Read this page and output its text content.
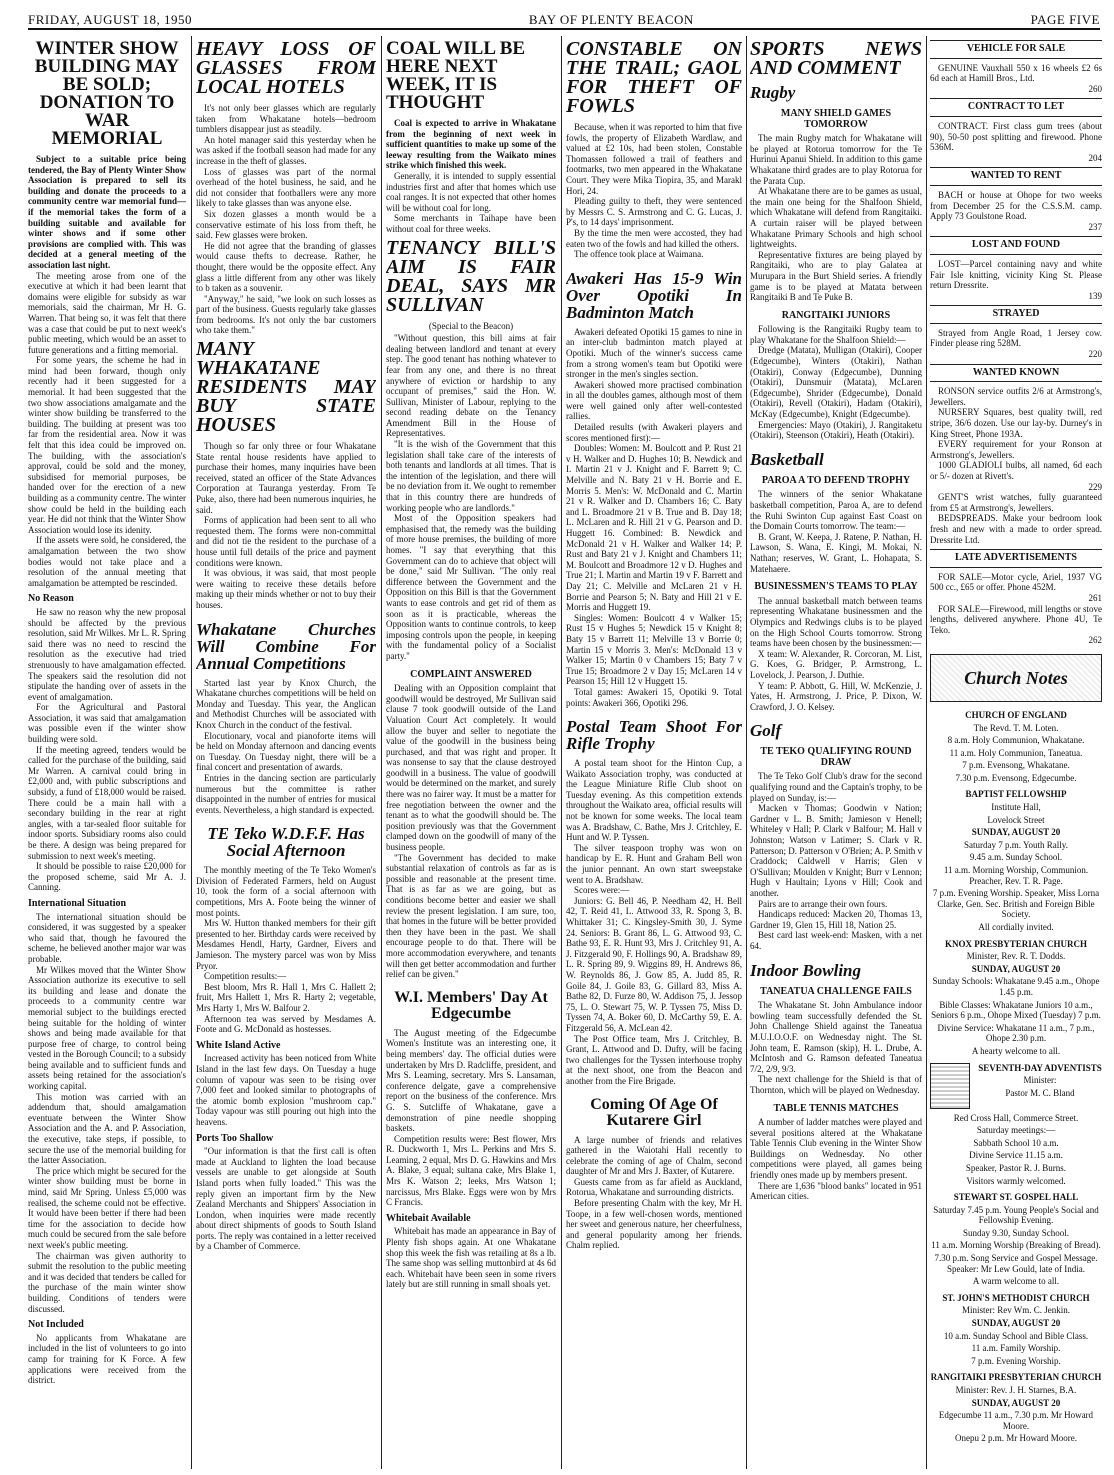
FRIDAY, AUGUST 18, 1950	BAY OF PLENTY BEACON	PAGE FIVE
WINTER SHOW BUILDING MAY BE SOLD; DONATION TO WAR MEMORIAL

Subject to a suitable price being tendered, the Bay of Plenty Winter Show Association is prepared to sell its building and donate the proceeds to a community centre war memorial fund—if the memorial takes the form of a building suitable and available for winter shows and if some other provisions are complied with. This was decided at a general meeting of the association last night.

The meeting arose from one of the executive at which it had been learnt that domains were eligible for subsidy as war memorials, said the chairman, Mr H. G. Warren. That being so, it was felt that there was a case that could be put to next week's public meeting, which would be an asset to future generations and a fitting memorial.

For some years, the scheme he had in mind had been forward, though only recently had it been suggested for a memorial. It had been suggested that the two show associations amalgamate and the winter show building be transferred to the building. The building at present was too far from the residential area. Now it was felt that this idea could be improved on. The building, with the association's approval, could be sold and the money, subsidised for memorial purposes, be handed over for the erection of a new building as a community centre. The winter show could be held in the building each year. He did not think that the Winter Show Association would lose its idenity.

If the assets were sold, he considered, the amalgamation between the two show bodies would not take place and a resolution of the annual meeting that amalgamation be attempted be rescinded.

No Reason

He saw no reason why the new proposal should be affected by the previous resolution, said Mr Wilkes. Mr L. R. Spring said there was no need to rescind the resolution as the executive had tried strenuously to have amalgamation effected. The speakers said the resolution did not stipulate the handing over of assets in the event of amalgamation.

For the Agricultural and Pastoral Association, it was said that amalgamation was possible even if the winter show building were sold.

If the meeting agreed, tenders would be called for the purchase of the building, said Mr Warren. A carnival could bring in £2,000 and, with public subscriptions and subsidy, a fund of £18,000 would be raised. There could be a main hall with a secondary building in the rear at right angles, with a tar-sealed floor suitable for indoor sports. Subsidiary rooms also could be there. A design was being prepared for submission to next week's meeting.

It should be possible to raise £20,000 for the proposed scheme, said Mr A. J. Canning.

International Situation

The international situation should be considered, it was suggested by a speaker who said that, though he favoured the scheme, he believed another major war was probable.

Mr Wilkes moved that the Winter Show Association authorize its executive to sell its building and lease and donate the proceeds to a community centre war memorial subject to the buildings erected being suitable for the holding of winter shows and being made available for that purpose free of charge, to control being vested in the Borough Council; to a subsidy being available and to sufficient funds and assets being retained for the association's working capital.

This motion was carried with an addendum that, should amalgamation eventuate between the Winter Show Association and the A. and P. Association, the executive, take steps, if possible, to secure the use of the memorial building for the latter Association.

The price which might be secured for the winter show building must be borne in mind, said Mr Spring. Unless £5,000 was realised, the scheme could not be effective. It would have been better if there had been time for the association to decide how much could be secured from the sale before next week's public meeting.

The chairman was given authority to submit the resolution to the public meeting and it was decided that tenders be called for the purchase of the main winter show building. Conditions of tenders were discussed.

Not Included

No applicants from Whakatane are included in the list of volunteers to go into camp for training for K Force. A few applications were received from the district.

HEAVY LOSS OF GLASSES FROM LOCAL HOTELS

It's not only beer glasses which are regularly taken from Whakatane hotels—bedroom tumblers disappear just as steadily.

An hotel manager said this yesterday when he was asked if the football season had made for any increase in the theft of glasses.

Loss of glasses was part of the normal overhead of the hotel business, he said, and he did not consider that footballers were any more likely to take glasses than was anyone else.

Six dozen glasses a month would be a conservative estimate of his loss from theft, he said. Few glasses were broken.

He did not agree that the branding of glasses would cause thefts to decrease. Rather, he thought, there would be the opposite effect. Any glass a little different from any other was likely to b taken as a souvenir.

"Anyway," he said, "we look on such losses as part of the business. Guests regularly take glasses from bedrooms. It's not only the bar customers who take them."

MANY WHAKATANE RESIDENTS MAY BUY STATE HOUSES

Though so far only three or four Whakatane State rental house residents have applied to purchase their homes, many inquiries have been received, stated an officer of the State Advances Corporation at Tauranga yesterday. From Te Puke, also, there had been numerous inquiries, he said.

Forms of application had been sent to all who requested them. The forms were non-committal and did not tie the resident to the purchase of a house until full details of the price and payment conditions were known.

It was obvious, it was said, that most people were waiting to receive these details before making up their minds whether or not to buy their houses.

Whakatane Churches Will Combine For Annual Competitions

Started last year by Knox Church, the Whakatane churches competitions will be held on Monday and Tuesday. This year, the Anglican and Methodist Churches will be associated with Knox Church in the conduct of the festival.

Elocutionary, vocal and pianoforte items will be held on Monday afternoon and dancing events on Tuesday. On Tuesday night, there will be a final concert and presentation of awards.

Entries in the dancing section are particularly numerous but the committee is rather disappointed in the number of entries for musical events. Nevertheless, a high standard is expected.

TE Teko W.D.F.F. Has Social Afternoon

The monthly meeting of the Te Teko Women's Division of Federated Farmers, held on August 10, took the form of a social afternoon with competitions, Mrs A. Foote being the winner of most points.

Mrs W. Hutton thanked members for their gift presented to her. Birthday cards were received by Mesdames Hendl, Harty, Gardner, Eivers and Jamieson. The mystery parcel was won by Miss Pryor.

Competition results:—

Best bloom, Mrs R. Hall 1, Mrs C. Hallett 2; fruit, Mrs Hallett 1, Mrs R. Harty 2; vegetable, Mrs Harty 1, Mrs W. Balfour 2.

Afternoon tea was served by Mesdames A. Foote and G. McDonald as hostesses.

White Island Active

Increased activity has been noticed from White Island in the last few days. On Tuesday a huge column of vapour was seen to be rising over 7,000 feet and looked similar to photographs of the atomic bomb explosion "mushroom cap." Today vapour was still pouring out high into the heavens.

Ports Too Shallow

"Our information is that the first call is often made at Auckland to lighten the load because vessels are unable to get alongside at South Island ports when fully loaded." This was the reply given an important firm by the New Zealand Merchants and Shippers' Association in London, when inquiries were made recently about direct shipments of goods to South Island ports. The reply was contained in a letter received by a Chamber of Commerce.

COAL WILL BE HERE NEXT WEEK, IT IS THOUGHT

Coal is expected to arrive in Whakatane from the beginning of next week in sufficient quantities to make up some of the leeway resulting from the Waikato mines strike which finished this week.

Generally, it is intended to supply essential industries first and after that homes which use coal ranges. It is not expected that other homes will be without coal for long.

Some merchants in Taihape have been without coal for three weeks.

TENANCY BILL'S AIM IS FAIR DEAL, SAYS MR SULLIVAN
(Special to the Beacon)

"Without question, this bill aims at fair dealing between landlord and tenant at every step. The good tenant has nothing whatever to fear from any one, and there is no threat anywhere of eviction or hardship to any occupant of premises," said the Hon. W. Sullivan, Minister of Labour, replying to the second reading debate on the Tenancy Amendment Bill in the House of Representatives.

"It is the wish of the Government that this legislation shall take care of the interests of both tenants and landlords at all times. That is the intention of the legislation, and there will be no deviation from it. We ought to remember that in this country there are hundreds of working people who are landlords."

Most of the Opposition speakers had emphasised that, the remedy was the building of more house premises, the building of more homes. "I say that everything that this Government can do to achieve that object will be done," said Mr Sullivan. "The only real difference between the Government and the Opposition on this Bill is that the Government wants to ease controls and get rid of them as soon as it is practicable, whereas the Opposition wants to continue controls, to keep imposing controls upon the people, in keeping with the fundamental policy of a Socialist party."

COMPLAINT ANSWERED

Dealing with an Opposition complaint that goodwill would be destroyed, Mr Sullivan said clause 7 took goodwill outside of the Land Valuation Court Act completely. It would allow the buyer and seller to negotiate the value of the goodwill in the business being purchased, and that was right and proper. It was nonsense to say that the clause destroyed goodwill in a business. The value of goodwill would be determined on the market, and surely there was no fairer way. It must be a matter for free negotiation between the owner and the tenant as to what the goodwill should be. The position previously was that the Government clamped down on the goodwill of many of the business people.

"The Government has decided to make substantial relaxation of controls as far as is possible and reasonable at the present time. That is as far as we are going, but as conditions become better and easier we shall review the present legislation. I am sure, too, that homes in the future will be better provided then they have been in the past. We shall encourage people to do that. There will be more accommodation everywhere, and tenants will then get better accommodation and further relief can be given."

W.I. Members' Day At Edgecumbe

The August meeting of the Edgecumbe Women's Institute was an interesting one, it being members' day. The official duties were undertaken by Mrs D. Radcliffe, president, and Mrs S. Leaming, secretary. Mrs S. Lansaman, conference delgate, gave a comprehensive report on the business of the conference. Mrs G. S. Sutcliffe of Whakatane, gave a demonstration of pine needle shopping baskets.

Competition results were: Best flower, Mrs R. Duckworth 1, Mrs L. Perkins and Mrs S. Leaming, 2 equal, Mrs D. G. Hawkins and Mrs A. Blake, 3 equal; sultana cake, Mrs Blake 1, Mrs K. Watson 2; leeks, Mrs Watson 1; narcissus, Mrs Blake. Eggs were won by Mrs C Francis.

Whitebait Available

Whitebait has made an appearance in Bay of Plenty fish shops again. At one Whakatane shop this week the fish was retailing at 8s a lb. The same shop was selling muttonbird at 4s 6d each. Whitebait have been seen in some rivers lately but are still running in small shoals yet.

CONSTABLE ON THE TRAIL; GAOL FOR THEFT OF FOWLS

Because, when it was reported to him that five fowls, the property of Elizabeth Wardlaw, and valued at £2 10s, had been stolen, Constable Thomassen followed a trail of feathers and footmarks, two men appeared in the Whakatane Court. They were Mika Tiopira, 35, and Marakl Hori, 24.

Pleading guilty to theft, they were sentenced by Messrs C. S. Armstrong and C. G. Lucas, J. P's, to 14 days' imprisonment.

By the time the men were accosted, they had eaten two of the fowls and had killed the others.

The offence took place at Waimana.

Awakeri Has 15-9 Win Over Opotiki In Badminton Match

Awakeri defeated Opotiki 15 games to nine in an inter-club badminton match played at Opotiki. Much of the winner's success came from a strong women's team but Opotiki were stronger in the men's singles section.

Awakeri showed more practised combination in all the doubles games, although most of them were well gained only after well-contested rallies.

Detailed results (with Awakeri players and scores mentioned first):—

Doubles: Women: M. Boulcott and P. Rust 21 v H. Walker and D. Hughes 10; B. Newdick and I. Martin 21 v J. Knight and F. Barrett 9; C. Melville and N. Baty 21 v H. Borrie and E. Morris 5. Men's: W. McDonald and C. Martin 21 v R. Walker and D. Chambers 16; C. Baty and L. Broadmore 21 v B. True and B. Day 18; L. McLaren and R. Hill 21 v G. Pearson and D. Huggett 16. Combined: B. Newdick and McDonald 21 v H. Walker and Walker 14; P. Rust and Baty 21 v J. Knight and Chambers 11; M. Boulcott and Broadmore 12 v D. Hughes and True 21; I. Martin and Martin 19 v F. Barrett and Day 21; C. Melville and McLaren 21 v H. Borrie and Pearson 5; N. Baty and Hill 21 v E. Morris and Huggett 19.

Singles: Women: Boulcott 4 v Walker 15; Rust 15 v Hughes 5; Newdick 15 v Knight 8; Baty 15 v Barrett 11; Melville 13 v Borrie 0; Martin 15 v Morris 3. Men's: McDonald 13 v Walker 15; Martin 0 v Chambers 15; Baty 7 v True 15; Broadmore 2 v Day 15; McLaren 14 v Pearson 15; Hill 12 v Huggett 15.

Total games: Awakeri 15, Opotiki 9. Total points: Awakeri 366, Opotiki 296.

Postal Team Shoot For Rifle Trophy

A postal team shoot for the Hinton Cup, a Waikato Association trophy, was conducted at the League Miniature Rifle Club shoot on Tuesday evening. As this competition extends throughout the Waikato area, official results will not be known for some weeks. The local team was A. Bradshaw, C. Bathe, Mrs J. Critchley, E. Hunt and W. P. Tyssen.

The silver teaspoon trophy was won on handicap by E. R. Hunt and Graham Bell won the junior pennant. An own start sweepstake went to A. Bradshaw.

Scores were:—

Juniors: G. Bell 46, P. Needham 42, H. Bell 42, T. Reid 41, L. Attwood 33, R. Spong 3, B. Whittaker 31; C. Kingsley-Smith 30, J. Syme 24. Seniors: B. Grant 86, L. G. Attwood 93, C. Bathe 93, E. R. Hunt 93, Mrs J. Critchley 91, A. J. Fitzgerald 90, F. Hollings 90, A. Bradshaw 89, L. R. Spring 89, 9. Wiggins 89, H. Andrews 86, W. Reynolds 86, J. Gow 85, A. Judd 85, R. Goile 84, J. Goile 83, G. Gillard 83, Miss A. Bathe 82, D. Furze 80, W. Addison 75, J. Jessop 75, L. O. Stewart 75, W. P. Tyssen 75, Miss D. Tyssen 74, A. Boker 60, D. McCarthy 59, E. A. Fitzgerald 56, A. McLean 42.

The Post Office team, Mrs J. Critchley, B. Grant, L. Attwood and D. Dufty, will be facing two challenges for the Tyssen interhouse trophy at the next shoot, one from the Beacon and another from the Fire Brigade.

Coming Of Age Of Kutarere Girl

A large number of friends and relatives gathered in the Waiotahi Hall recently to celebrate the coming of age of Chalm, second daughter of Mr and Mrs J. Baxter, of Kutarere.

Guests came from as far afield as Auckland, Rotorua, Whakatane and surrounding districts.

Before presenting Chalm with the key, Mr H. Toope, in a few well-chosen words, mentioned her sweet and generous nature, her cheerfulness, and general popularity among her friends. Chalm replied.

SPORTS NEWS AND COMMENT
Rugby
MANY SHIELD GAMES TOMORROW

The main Rugby match for Whakatane will be played at Rotorua tomorrow for the Te Hurinui Apanui Shield. In addition to this game Whakatane third grades are to play Rotorua for the Parata Cup.

At Whakatane there are to be games as usual, the main one being for the Shalfoon Shield, which Whakatane will defend from Rangitaiki. A curtain raiser will be played between Whakatane Primary Schools and high school lightweights.

Representative fixtures are being played by Rangitaiki, who are to play Galatea at Murupara in the Burt Shield series. A friendly game is to be played at Matata between Rangitaiki B and Te Puke B.

RANGITAIKI JUNIORS

Following is the Rangitaiki Rugby team to play Whakatane for the Shalfoon Shield:—

Dredge (Matata), Mulligan (Otakiri), Cooper (Edgecumbe), Winters (Otakiri), Nathan (Otakiri), Conway (Edgecumbe), Dunning (Otakiri), Dunsmuir (Matata), McLaren (Edgecumbe), Shrider (Edgecumbe), Donald (Otakiri), Revell (Otakiri), Hadam (Otakiri), McKay (Edgecumbe), Knight (Edgecumbe).

Emergencies: Mayo (Otakiri), J. Rangitaketu (Otakiri), Steenson (Otakiri), Heath (Otakiri).

Basketball
PAROA A TO DEFEND TROPHY

The winners of the senior Whakatane basketball competition, Paroa A, are to defend the Ruhi Swinton Cup against East Coast on the Domain Courts tomorrow. The team:—

B. Grant, W. Keepa, J. Ratene, P. Nathan, H. Lawson, S. Wana, E. Kingi, M. Mokai, N. Nathan; reserves, W. Grant, L. Hohapata, S. Matehaere.

BUSINESSMEN'S TEAMS TO PLAY

The annual basketball match between teams representing Whakatane businessmen and the Olympics and Redwings clubs is to be played on the High School Courts tomorrow. Strong teams have been chosen by the businessmen:—

X team: W. Alexander, R. Corcoran, M. List, G. Koes, G. Bridger, P. Armstrong, L. Lovelock, J. Pearson, J. Duthie.

Y team: P. Abbott, G. Hill, W. McKenzie, J. Yates, H. Armstrong, J. Price, P. Dixon, W. Crawford, J. O. Kelsey.

Golf
TE TEKO QUALIFYING ROUND DRAW

The Te Teko Golf Club's draw for the second qualifying round and the Captain's trophy, to be played on Sunday, is:—

Macken v Thomas; Goodwin v Nation; Gardner v L. B. Smith; Jamieson v Henell; Whiteley v Hall; P. Clark v Balfour; M. Hall v Johnston; Watson v Latimer; S. Clark v R. Patterson; D. Patterson v O'Brien; A. P. Smith v Craddock; Caldwell v Harris; Glen v O'Sullivan; Moulden v Knight; Burr v Lennon; Hugh v Haultain; Lyons v Hill; Cook and another.

Pairs are to arrange their own fours.

Handicaps reduced: Macken 20, Thomas 13, Gardner 19, Glen 15, Hill 18, Nation 25.

Best card last week-end: Masken, with a net 64.

Indoor Bowling
TANEATUA CHALLENGE FAILS

The Whakatane St. John Ambulance indoor bowling team successfully defended the St. John Challenge Shield against the Taneatua M.U.I.O.O.F. on Wednesday night. The St. John team, E. Ramson (skip), H. L. Drube, A. McIntosh and G. Ramson defeated Taneatua 7/2, 2/9, 9/3.

The next challenge for the Shield is that of Thornton, which will be played on Wednesday.

TABLE TENNIS MATCHES

A number of ladder matches were played and several positions altered at the Whakatane Table Tennis Club evening in the Winter Show Buildings on Wednesday. No other competitions were played, all games being friendly ones made up by members present.

There are 1,636 "blood banks" located in 951 American cities.

VEHICLE FOR SALE

GENUINE Vauxhall 550 x 16 wheels £2 6s 6d each at Hamill Bros., Ltd.

260
CONTRACT TO LET

CONTRACT. First class gum trees (about 90), 50-50 post splitting and firewood. Phone 536M.

204
WANTED TO RENT

BACH or house at Ohope for two weeks from December 25 for the C.S.S.M. camp. Apply 73 Goulstone Road.

237
LOST AND FOUND

LOST—Parcel containing navy and white Fair Isle knitting, vicinity King St. Please return Dressrite.

139
STRAYED

Strayed from Angle Road, 1 Jersey cow. Finder please ring 528M.

220
WANTED KNOWN

RONSON service outfits 2/6 at Armstrong's, Jewellers.

NURSERY Squares, best quality twill, red stripe, 36/6 dozen. Use our lay-by. Durney's in King Street, Phone 193A.

EVERY requirement for your Ronson at Armstrong's, Jewellers.

1000 GLADIOLI bulbs, all named, 6d each or 5/- dozen at Rivett's.

229

GENT'S wrist watches, fully guaranteed from £5 at Armstrong's, Jewellers.

BEDSPREADS. Make your bedroom look fresh and new with a made to order spread. Dressrite Ltd.

LATE ADVERTISEMENTS

FOR SALE—Motor cycle, Ariel, 1937 VG 500 cc., £65 or offer. Phone 452M.

261

FOR SALE—Firewood, mill lengths or stove lengths, delivered anywhere. Phone 4U, Te Teko.

262
Church Notes
CHURCH OF ENGLAND
The Revd. T. M. Loten.
8 a.m. Holy Communion, Whakatane.
11 a.m. Holy Communion, Taneatua.
7 p.m. Evensong, Whakatane.
7.30 p.m. Evensong, Edgecumbe.
BAPTIST FELLOWSHIP
Institute Hall,
Lovelock Street
SUNDAY, AUGUST 20
Saturday 7 p.m. Youth Rally.
9.45 a.m. Sunday School.
11 a.m. Morning Worship, Communion. Preacher, Rev. T. R. Page.
7 p.m. Evening Worship. Speaker, Miss Lorna Clarke, Gen. Sec. British and Foreign Bible Society.
All cordially invited.
KNOX PRESBYTERIAN CHURCH
Minister, Rev. R. T. Dodds.
SUNDAY, AUGUST 20
Sunday Schools: Whakatane 9.45 a.m., Ohope 1.45 p.m.
Bible Classes: Whakatane Juniors 10 a.m., Seniors 6 p.m., Ohope Mixed (Tuesday) 7 p.m.
Divine Service: Whakatane 11 a.m., 7 p.m., Ohope 2.30 p.m.
A hearty welcome to all.
SEVENTH-DAY ADVENTISTS
Minister:
Pastor M. C. Bland
Red Cross Hall, Commerce Street.
Saturday meetings:—
Sabbath School 10 a.m.
Divine Service 11.15 a.m.
Speaker, Pastor R. J. Burns.
Visitors warmly welcomed.
STEWART ST. GOSPEL HALL
Saturday 7.45 p.m. Young People's Social and Fellowship Evening.
Sunday 9.30, Sunday School.
11 a.m. Morning Worship (Breaking of Bread).
7.30 p.m. Song Service and Gospel Message. Speaker: Mr Lew Gould, late of India.
A warm welcome to all.
ST. JOHN'S METHODIST CHURCH
Minister: Rev Wm. C. Jenkin.
SUNDAY, AUGUST 20
10 a.m. Sunday School and Bible Class.
11 a.m. Family Worship.
7 p.m. Evening Worship.
RANGITAIKI PRESBYTERIAN CHURCH
Minister: Rev. J. H. Starnes, B.A.
SUNDAY, AUGUST 20
Edgecumbe 11 a.m., 7.30 p.m. Mr Howard Moore.
Onepu 2 p.m. Mr Howard Moore.
